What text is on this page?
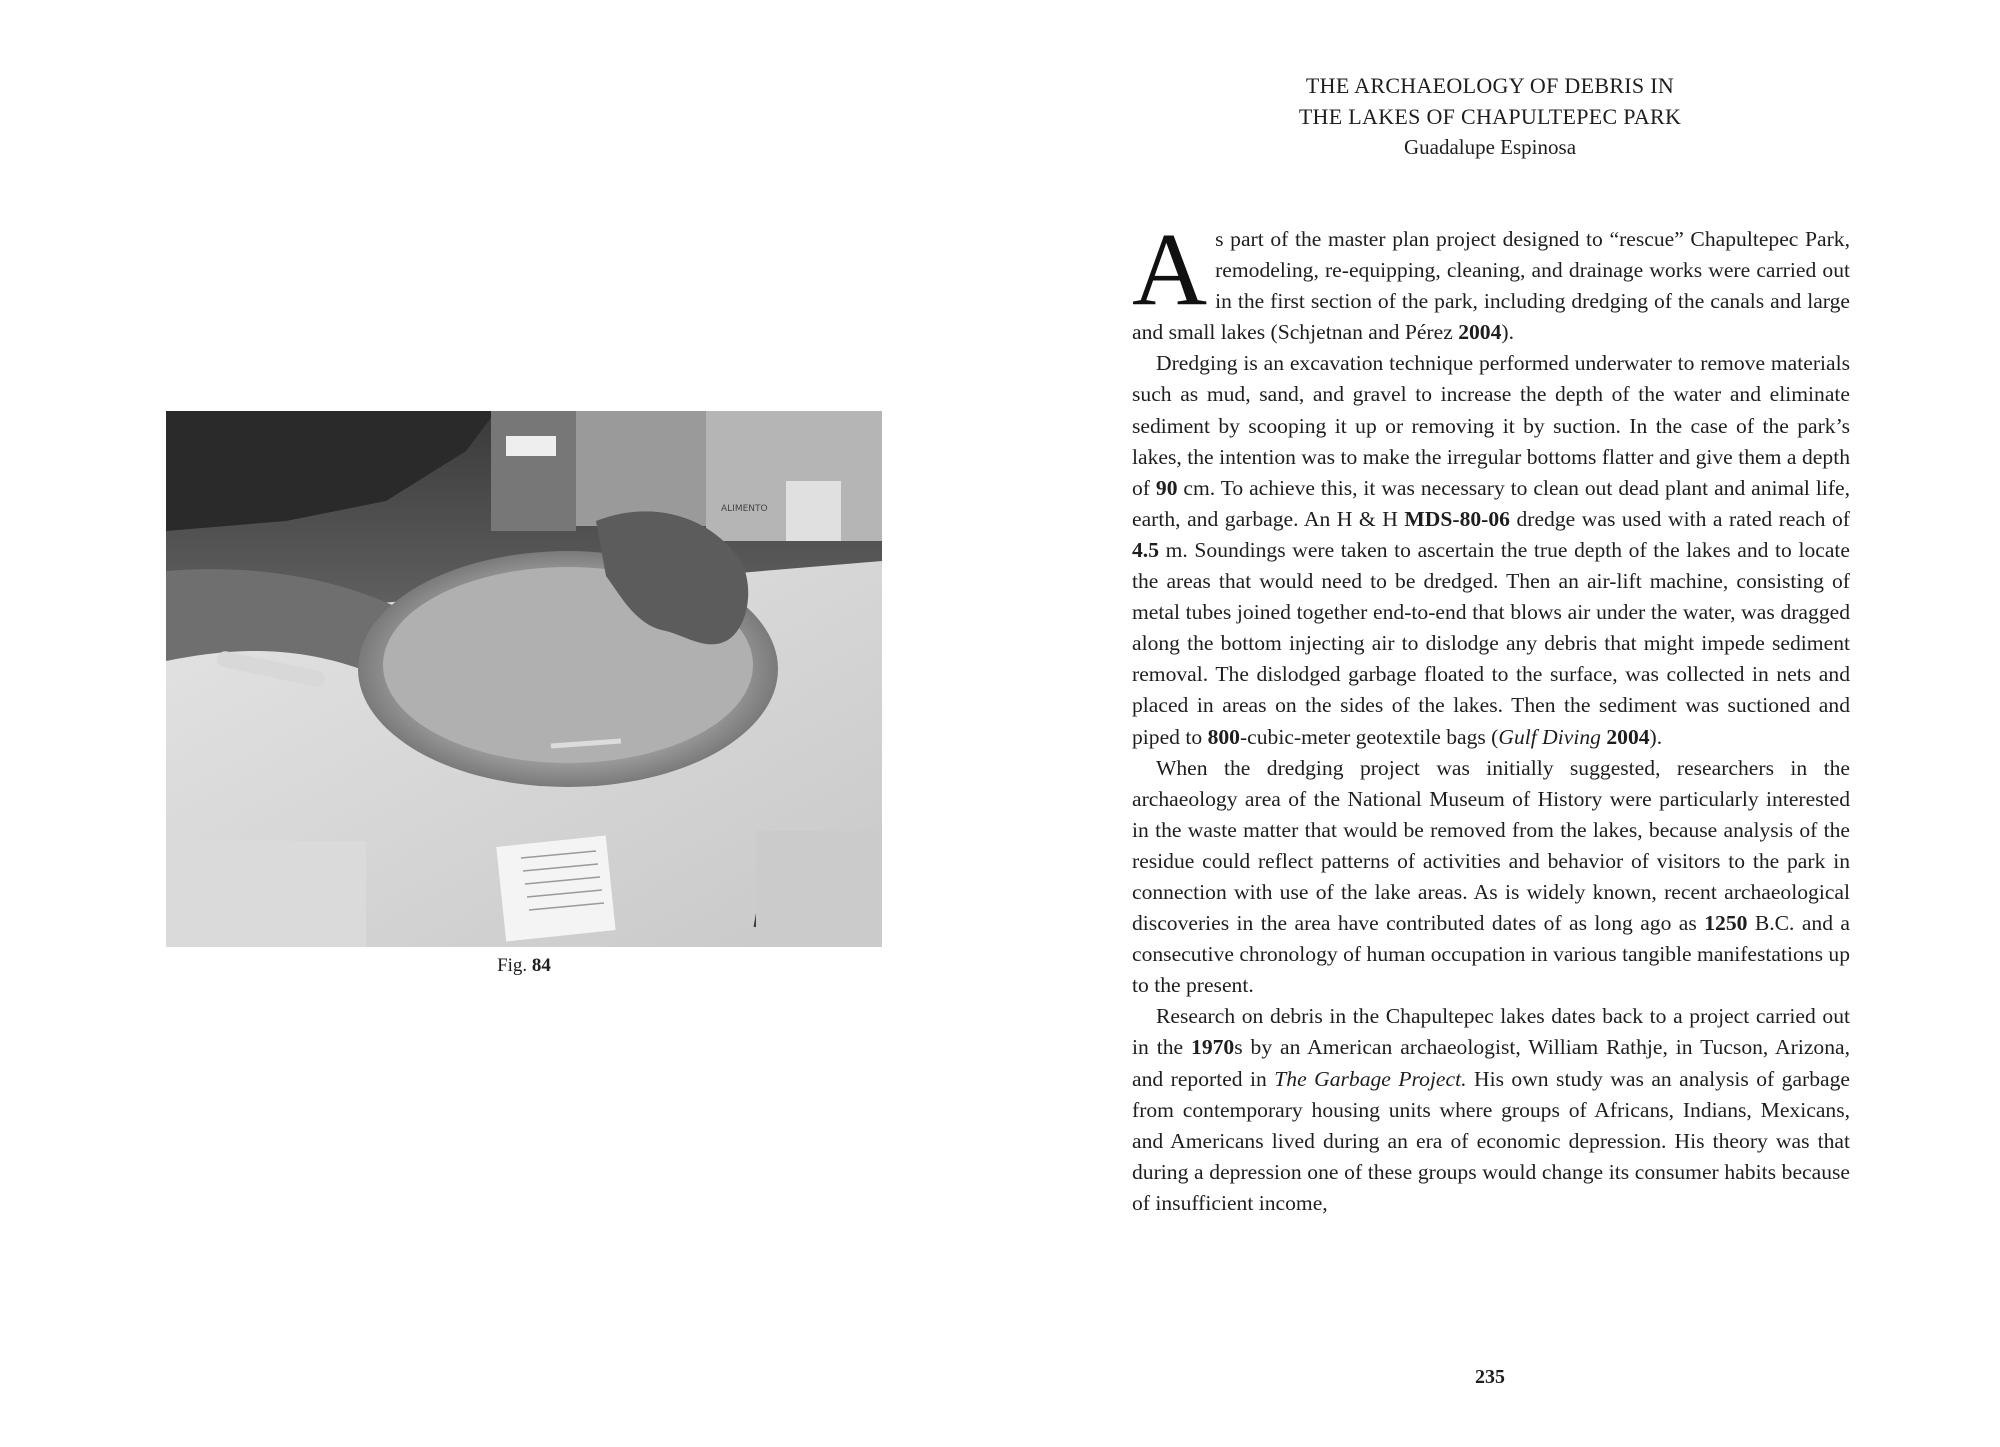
ALIMENTO
Fig. 84
THE ARCHAEOLOGY OF DEBRIS IN
THE LAKES OF CHAPULTEPEC PARK
Guadalupe Espinosa

As part of the master plan project designed to “rescue” Chapultepec Park, remodeling, re-equipping, cleaning, and drainage works were carried out in the first section of the park, including dredging of the canals and large and small lakes (Schjetnan and Pérez 2004).

Dredging is an excavation technique performed underwater to remove materials such as mud, sand, and gravel to increase the depth of the water and eliminate sediment by scooping it up or removing it by suction. In the case of the park’s lakes, the intention was to make the irregular bottoms flatter and give them a depth of 90 cm. To achieve this, it was necessary to clean out dead plant and animal life, earth, and garbage. An H & H MDS-80-06 dredge was used with a rated reach of 4.5 m. Soundings were taken to ascertain the true depth of the lakes and to locate the areas that would need to be dredged. Then an air-lift machine, consisting of metal tubes joined together end-to-end that blows air under the water, was dragged along the bottom injecting air to dislodge any debris that might impede sediment removal. The dislodged garbage floated to the surface, was collected in nets and placed in areas on the sides of the lakes. Then the sediment was suctioned and piped to 800-cubic-meter geotextile bags (Gulf Diving 2004).

When the dredging project was initially suggested, researchers in the archaeology area of the National Museum of History were particularly interested in the waste matter that would be removed from the lakes, because analysis of the residue could reflect patterns of activities and behavior of visitors to the park in connection with use of the lake areas. As is widely known, recent archaeological discoveries in the area have contributed dates of as long ago as 1250 B.C. and a consecutive chronology of human occupation in various tangible manifestations up to the present.

Research on debris in the Chapultepec lakes dates back to a project carried out in the 1970s by an American archaeologist, William Rathje, in Tucson, Arizona, and reported in The Garbage Project. His own study was an analysis of garbage from contemporary housing units where groups of Africans, Indians, Mexicans, and Americans lived during an era of economic depression. His theory was that during a depression one of these groups would change its consumer habits because of insufficient income,

235
